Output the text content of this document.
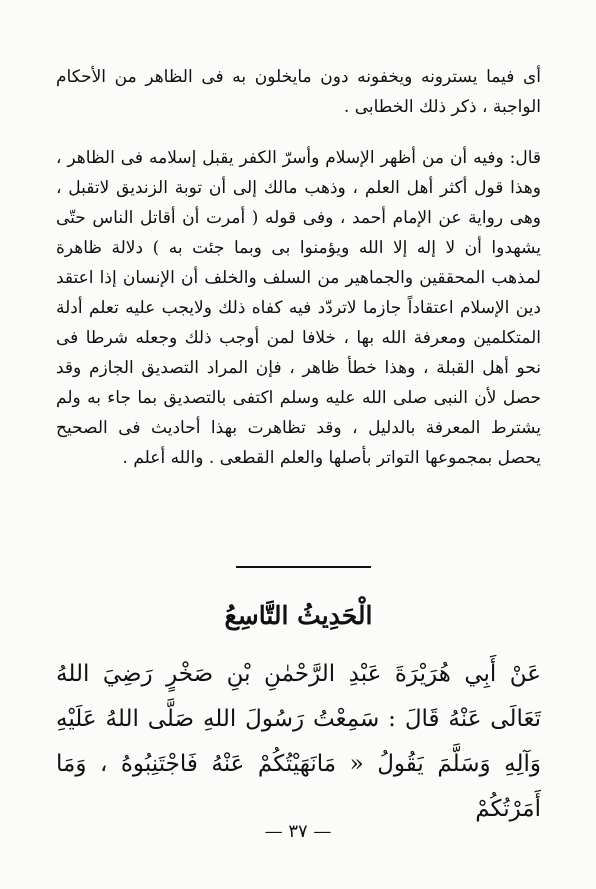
أى فيما يسترونه ويخفونه دون مايخلون به فى الظاهر من الأحكام الواجبة ، ذكر ذلك الخطابى .

قال: وفيه أن من أظهر الإسلام وأسرّ الكفر يقبل إسلامه فى الظاهر ، وهذا قول أكثر أهل العلم ، وذهب مالك إلى أن توبة الزنديق لاتقبل ، وهى رواية عن الإمام أحمد ، وفى قوله ( أمرت أن أقاتل الناس حتّى يشهدوا أن لا إله إلا الله ويؤمنوا بى وبما جئت به ) دلالة ظاهرة لمذهب المحققين والجماهير من السلف والخلف أن الإنسان إذا اعتقد دين الإسلام اعتقاداً جازما لاتردّد فيه كفاه ذلك ولايجب عليه تعلم أدلة المتكلمين ومعرفة الله بها ، خلافا لمن أوجب ذلك وجعله شرطا فى نحو أهل القبلة ، وهذا خطأ ظاهر ، فإن المراد التصديق الجازم وقد حصل لأن النبى صلى الله عليه وسلم اكتفى بالتصديق بما جاء به ولم يشترط المعرفة بالدليل ، وقد تظاهرت بهذا أحاديث فى الصحيح يحصل بمجموعها التواتر بأصلها والعلم القطعى . والله أعلم .

الْحَدِيثُ التَّاسِعُ

عَنْ أَبِي هُرَيْرَةَ عَبْدِ الرَّحْمٰنِ بْنِ صَخْرٍ رَضِيَ اللهُ تَعَالَى عَنْهُ قَالَ : سَمِعْتُ رَسُولَ اللهِ صَلَّى اللهُ عَلَيْهِ وَآلِهِ وَسَلَّمَ يَقُولُ « مَانَهَيْتُكُمْ عَنْهُ فَاجْتَنِبُوهُ ، وَمَا أَمَرْتُكُمْ

— ٣٧ —
